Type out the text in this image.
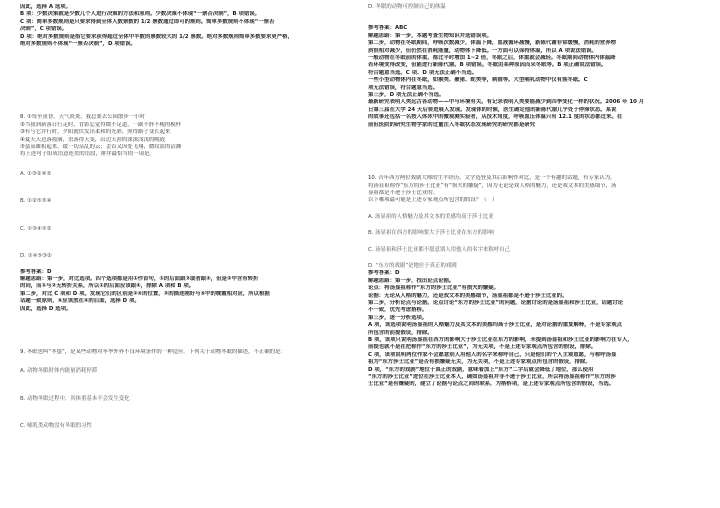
因此，选择 A 选项。
B 项：少数决策就是少数几个人进行决策的方法和原则。少数决策不体现“一票否决制”，B 项错误。
C 项：简单多数规则是只要求得到全体人数票数的 1/2 票数通过即可的规则。简单多数规则不体现“一票否
决制”，C 项错误。
D 项：绝对多数规则是指它要求获得超过全体中半数的票数较大的 1/2 票数。绝对多数规则简单多数要求更严格，
绝对多数规则不体现“一票否决制”，D 项错误。
8. ①每至黄昏，天气炎炎，我总要去公园散步一小时
②当我到新落日行走时，背影忘觉得微不足道，一副不胖不瘦的模样
③有与它并行时，夕阳就伏发出柔和的光彩，照得路子变长起来
④夏天天边落霞满，虫落得天变，山边天涯的深深浅浅的晚霞
⑤蛮高雄积起来，缓一切杂乱的云；歪首又因处飞翔，微纹蓝的沼渊
将上述句子组成语意连贯的语段，排序最恰当的一项是。
A. ①③②④⑤
B. ①②⑤③④
C. ①③④⑤②
D. ①④⑤③②
参考答案：D
解题思路：第一步，对比选项。四个选项都是用①作首句，①的后面跟②或者跟④，但是②中含有转折
的词，而①与②无转折关系，所以①的后面应该跟④，排除 A 项和 B 项。
第二步，对比 C 项和 D 项。发现它们的区别是②④的位置，②的描述刚好与⑤中的晚霞相对应，所以根据
话题一致原则，⑤应该放在④的后面，选择 D 项。
因此，选择 D 选项。
9. 冬眠也叫“冬蛰”，是某些动物对冬季外界不良环境条件的一种适应。下列关于动物冬眠的描述，不正确的是：
A. 动物冬眠时体内能量消耗停滞
B. 动物冬眠过程中，其体重基本不会发生变化
C. 哺乳类动物没有冬眠的习性
D. 冬眠的动物可控制自己的体温
参考答案：ABC
解题思路：第一步，本题考查生物知识并选错误项。
第二步，动物在冬眠期间，呼吸次数减少，体温下降，血液循环减慢，新陈代谢非常缓慢，消耗的营养物
质很相对减少，但仍然在消耗能量，动物体下降低。一方面可以保持体温，所以 A 项说法错误。
一般动物在冬眠前的体重，都比平时增加 1~2 倍，冬眠之后，体重就会减轻。冬眠期间动物体内体温降
若环境变得改变，但能进行新陈代谢。B 项错误。冬眠由某种原因而采冬眠等。B 项正确说法错误。
符合题意当选。C 项、D 项无法正确不当选。
一些小型动物体内在冬眠，如猴类、豪猪、蛇类等，刺猬等。大型哺乳动物中仅有熊冬眠。C
项无法错误，符合题意当选。
第三步，D 项无法正确不当选。
最新研究表明人类远古各动物——中与环境有关。有记录表明人类要能减少到四季变化一样的状况。2006 年 10 月
日第三届在大学 24 天后要进展人发现。发现体的时候，医生确定他的新陈代谢几乎处于停滞状态。某说
的故事还包括一名按入体冰中的微观测实验者，从技术角度，呼吸血压体温只有 12.1 度的状态都过来。在
前但医院的研究生物学家的过量注入冬眠状态发现研究的研究都是研究
10. 昔年西方两位戏剧大师的生平经历，文学选登及其后影响作对比，是一个有趣的话题，有专家认为，
将汤显祖称作“东方的莎士比亚”有“损夫的嫌疑”，因为无论是戏人格的魅力，还是戏文本的美感细节，汤
显祖都是不逊于莎士比亚的。
以下哪项最可能是上述专家观点所包含的假设？（　）
A. 汤显祖的人格魅力及其文本的美感均高于莎士比亚
B. 汤显祖在西方的影响要大于莎士比亚在东方的影响
C. 汤显祖和莎士比亚都不愿意别人用他人的名字来称呼自己
D. “东方的戏剧”是地位于真正的戏剧
参考答案：D
解题思路：第一步，找出论点论据。
论点：将汤显祖称作“东方的莎士比亚”有损夫的嫌疑。
论据：无论从人格的魅力，还是戏文本的美感细节，汤显祖都是不逊于莎士比亚的。
第二步，分析论点与论据。论点讨论“东方的莎士比亚”的问题，论据讨论的是汤显祖和莎士比亚，话题讨论
不一致，优先考虑搭桥。
第三步，逐一分析选项。
A 项，该选项说明汤显祖的人格魅力及其文本的美感均高于莎士比亚，是对论据的重复解释，不是专家观点
所包含的前提假设，排除。
B 项，该项只说明汤显祖在西方的影响大于莎士比亚在东方的影响，未提到汤显祖和莎士比亚的影响力在专人，
前提也就不是在把称作“东方的莎士比亚”，为无关项，不是上述专家观点所包含的假设，排除。
C 项，该项说明两位作家不会愿意别人用他人的名字来称呼自己，只是他们的个人主观意愿，与称呼汤显
祖为“东方莎士比亚”是否有损嫌疑无关，为无关项，不是上述专家观点所包含的假设，排除。
D 项，“东方的戏剧”地位于真正的戏剧，意味着加上“东方”二字后就会降低了地位，那么使用
“东方的莎士比亚”进位在莎士比亚本人，确如汤显祖并非不逊于莎士比亚，所以将汤显祖称作“东方的莎
士比亚”是有嫌疑的，建立了论据与论点之间的联系，为搭桥项，是上述专家观点所包含的假设，当选。
